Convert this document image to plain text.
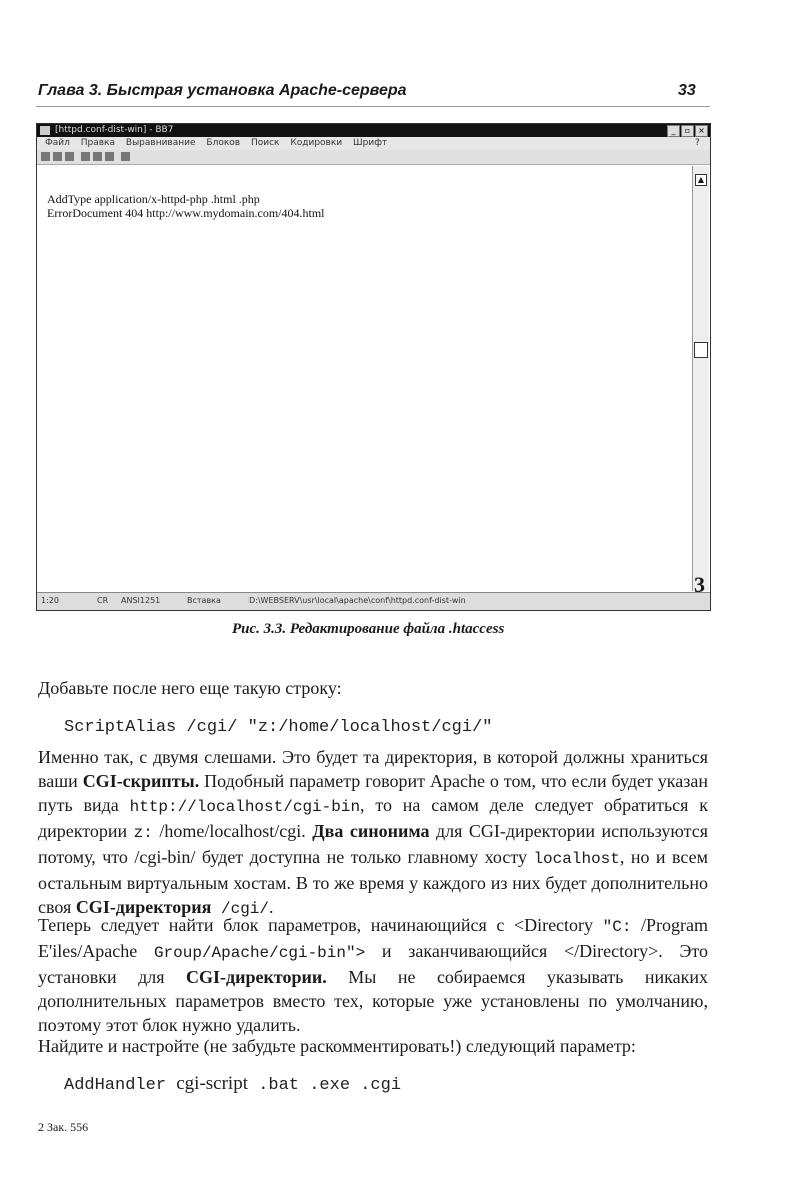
Глава 3. Быстрая установка Apache-сервера	33
[httpd.conf-dist-win] - BB7	_	▫ ×
Файл Правка Выравнивание Блоков Поиск Кодировки Шрифт	?
AddType application/x-httpd-php .html .php
ErrorDocument 404 http://www.mydomain.com/404.html
▲
1:20	CR ANSI1251	Вставка	D:\WEBSERV\usr\local\apache\conf\httpd.conf-dist-win
3
Рис. 3.3. Редактирование файла .htaccess
Добавьте после него еще такую строку:
ScriptAlias /cgi/ "z:/home/localhost/cgi/"
Именно так, с двумя слешами. Это будет та директория, в которой должны храниться ваши CGI-скрипты. Подобный параметр говорит Apache о том, что если будет указан путь вида http://localhost/cgi-bin, то на самом деле следует обратиться к директории z: /home/localhost/cgi. Два синонима для CGI-директории используются потому, что /cgi-bin/ будет доступна не только главному хосту localhost, но и всем остальным виртуальным хостам. В то же время у каждого из них будет дополнительно своя CGI-директория /cgi/.
Теперь следует найти блок параметров, начинающийся с <Directory "C: /Program E'iles/Apache Group/Apache/cgi-bin"> и заканчивающийся </Directory>. Это установки для CGI-директории. Мы не собираемся указывать никаких дополнительных параметров вместо тех, которые уже установлены по умолчанию, поэтому этот блок нужно удалить.
Найдите и настройте (не забудьте раскомментировать!) следующий параметр:
AddHandler cgi-script .bat .exe .cgi
2 Зак. 556
